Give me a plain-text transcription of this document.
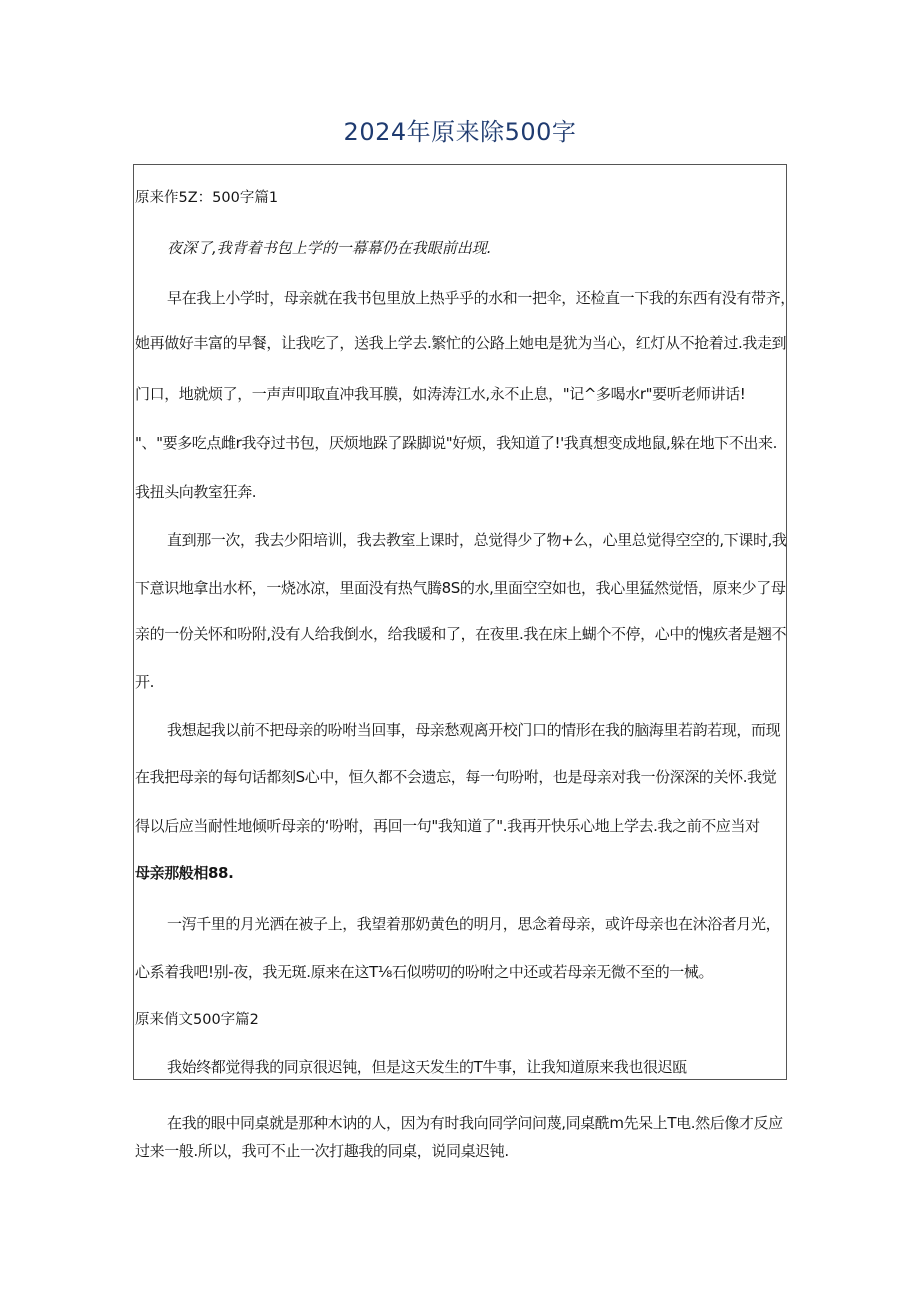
2024年原来除500字
原来作5Z：500字篇1
夜深了,我背着书包上学的一幕幕仍在我眼前出现.
早在我上小学时，母亲就在我书包里放上热乎乎的水和一把伞，还检直一下我的东西有没有带齐，
她再做好丰富的早餐，让我吃了，送我上学去.繁忙的公路上她电是犹为当心，红灯从不抢着过.我走到
门口，地就烦了，一声声叩取直冲我耳膜，如涛涛江水,永不止息，"记^多喝水r"要听老师讲话!
"、"要多吃点雌r我夺过书包，厌烦地跺了跺脚说"好烦，我知道了!'我真想变成地鼠,躲在地下不出来.
我扭头向教室狂奔.
直到那一次，我去少阳培训，我去教室上课时，总觉得少了物+么，心里总觉得空空的,下课时,我
下意识地拿出水杯，一烧冰凉，里面没有热气腾8S的水,里面空空如也，我心里猛然觉悟，原来少了母
亲的一份关怀和吩附,没有人给我倒水，给我暖和了，在夜里.我在床上蝴个不停，心中的愧疚者是翘不
开.
我想起我以前不把母亲的吩咐当回事，母亲愁观离开校门口的情形在我的脑海里若韵若现，而现
在我把母亲的每句话都刻S心中，恒久都不会遗忘，每一句吩咐，也是母亲对我一份深深的关怀.我觉
得以后应当耐性地倾听母亲的‘吩咐，再回一句"我知道了".我再开快乐心地上学去.我之前不应当对
母亲那般相88.
一泻千里的月光洒在被子上，我望着那奶黄色的明月，思念着母亲，或许母亲也在沐浴者月光，
心系着我吧!别-夜，我无斑.原来在这T⅛石似唠叨的吩咐之中还或若母亲无微不至的一械。
原来俏文500字篇2
我始终都觉得我的同京很迟钝，但是这天发生的T牛事，让我知道原来我也很迟瓯
在我的眼中同桌就是那种木讷的人，因为有时我向同学问问蔑,同桌酰m先呆上T电.然后像才反应
过来一般.所以，我可不止一次打趣我的同桌，说同桌迟钝.
